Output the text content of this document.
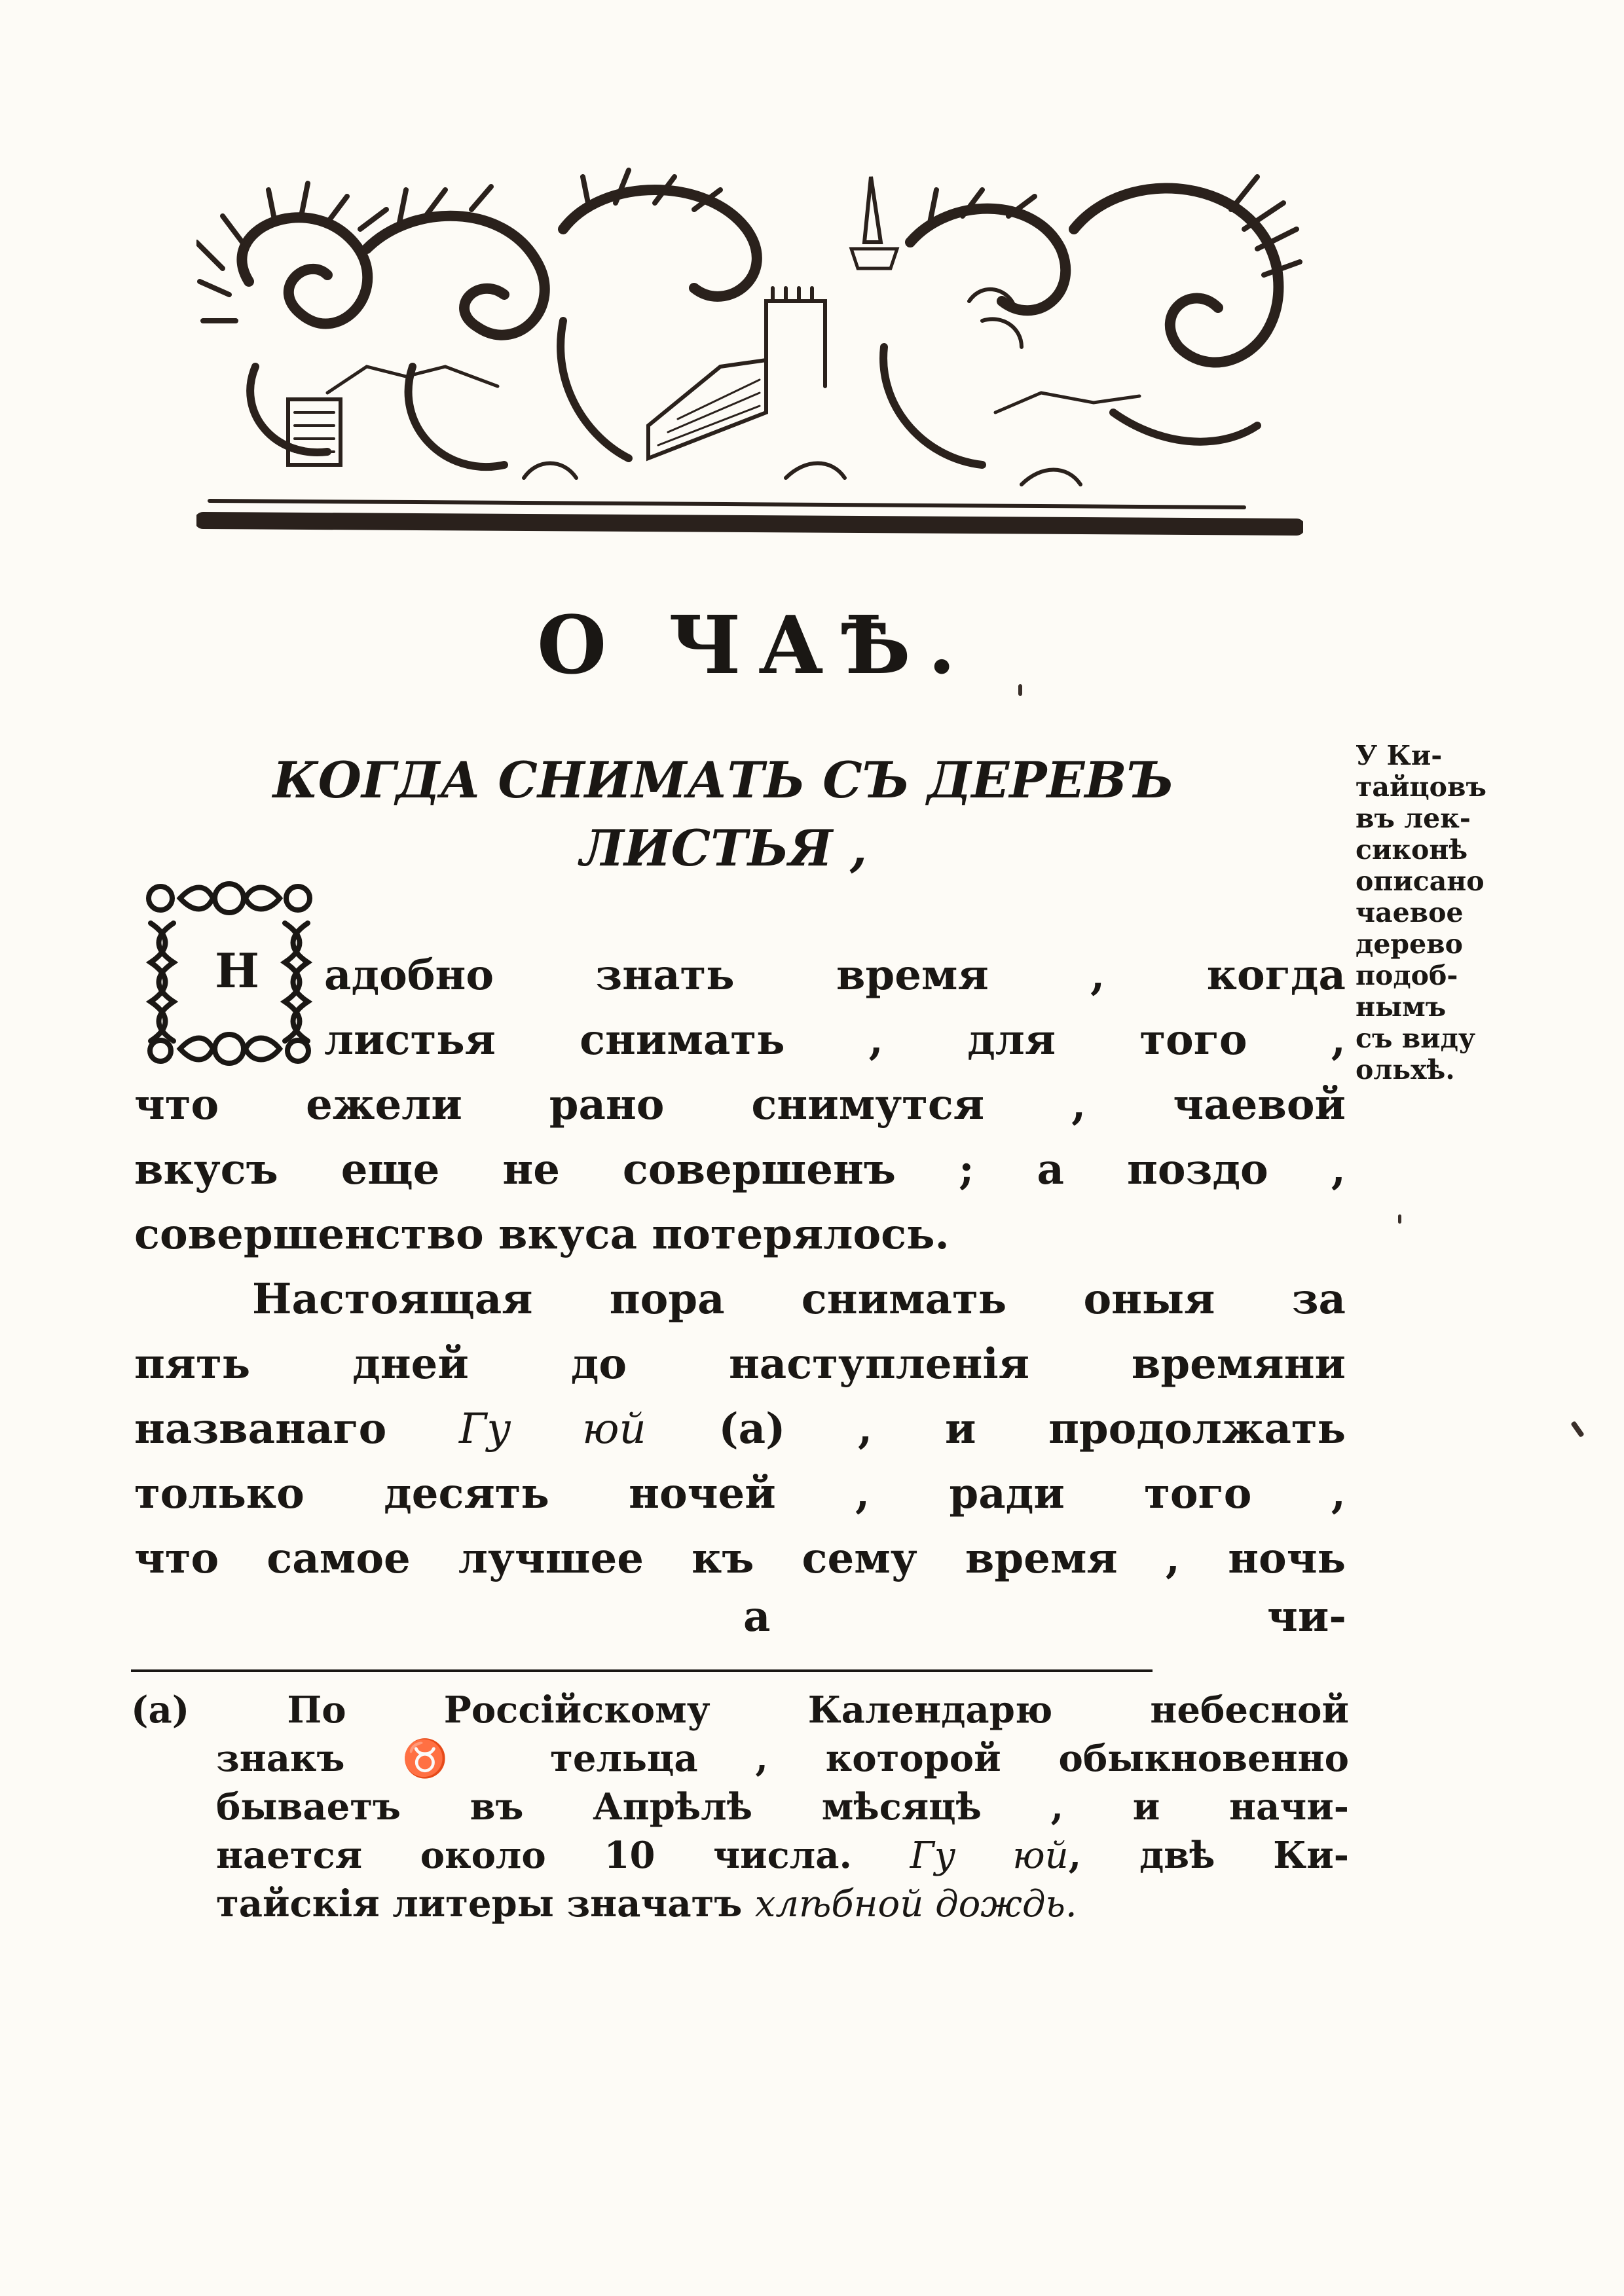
О ЧАѢ.
КОГДА СНИМАТЬ СЪ ДЕРЕВЪ
ЛИСТЬЯ ,
У Ки-
тайцовъ
въ лек-
сиконѣ
описано
чаевое
дерево
подоб-
нымъ
съ виду
ольхѣ.
Н адобно знать время , когда
листья снимать , для того ,
что ежели рано снимутся , чаевой
вкусъ еще не совершенъ ; а поздо ,
совершенство вкуса потерялось.
Настоящая пора снимать оныя за
пять дней до наступленія времяни
названаго Гу юй (а) , и продолжать
только десять ночей , ради того ,
что самое лучшее къ сему время , ночь
а	чи-
(а) По Россійскому Календарю небесной
знакъ ♉ тельца , которой обыкновенно
бываетъ въ Апрѣлѣ мѣсяцѣ , и начи-
нается около 10 числа. Гу юй, двѣ Ки-
тайскія литеры значатъ хлѣбной дождь.
